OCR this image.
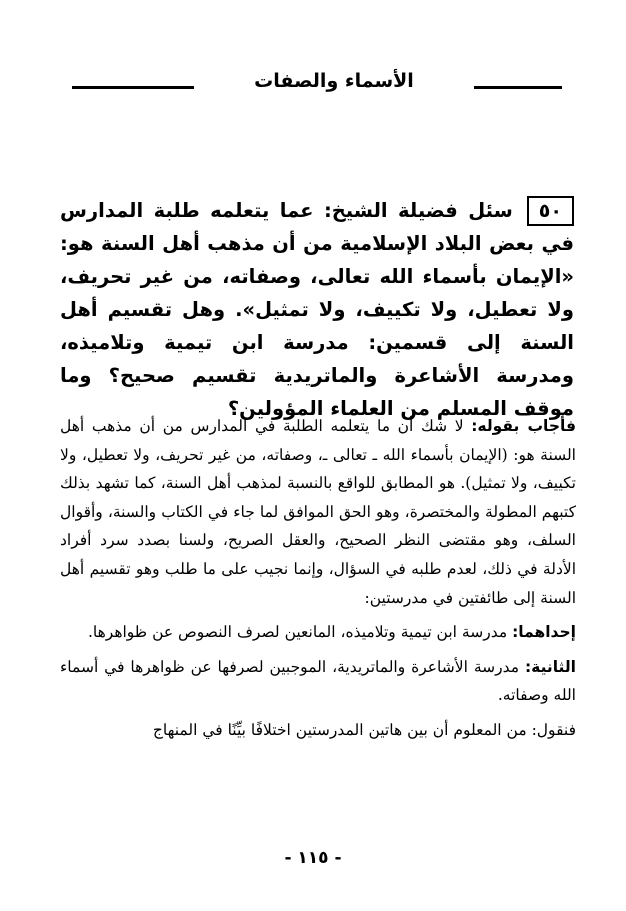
الأسماء والصفات
٥٠سئل فضيلة الشيخ: عما يتعلمه طلبة المدارس في بعض البلاد الإسلامية من أن مذهب أهل السنة هو: «الإيمان بأسماء الله تعالى، وصفاته، من غير تحريف، ولا تعطيل، ولا تكييف، ولا تمثيل». وهل تقسيم أهل السنة إلى قسمين: مدرسة ابن تيمية وتلاميذه، ومدرسة الأشاعرة والماتريدية تقسيم صحيح؟ وما موقف المسلم من العلماء المؤولين؟

فأجاب بقوله: لا شك أن ما يتعلمه الطلبة في المدارس من أن مذهب أهل السنة هو: (الإيمان بأسماء الله ـ تعالى ـ، وصفاته، من غير تحريف، ولا تعطيل، ولا تكييف، ولا تمثيل). هو المطابق للواقع بالنسبة لمذهب أهل السنة، كما تشهد بذلك كتبهم المطولة والمختصرة، وهو الحق الموافق لما جاء في الكتاب والسنة، وأقوال السلف، وهو مقتضى النظر الصحيح، والعقل الصريح، ولسنا بصدد سرد أفراد الأدلة في ذلك، لعدم طلبه في السؤال، وإنما نجيب على ما طلب وهو تقسيم أهل السنة إلى طائفتين في مدرستين:

إحداهما: مدرسة ابن تيمية وتلاميذه، المانعين لصرف النصوص عن ظواهرها.

الثانية: مدرسة الأشاعرة والماتريدية، الموجبين لصرفها عن ظواهرها في أسماء الله وصفاته.

فنقول: من المعلوم أن بين هاتين المدرستين اختلافًا بيِّنًا في المنهاج

- ١١٥ -
